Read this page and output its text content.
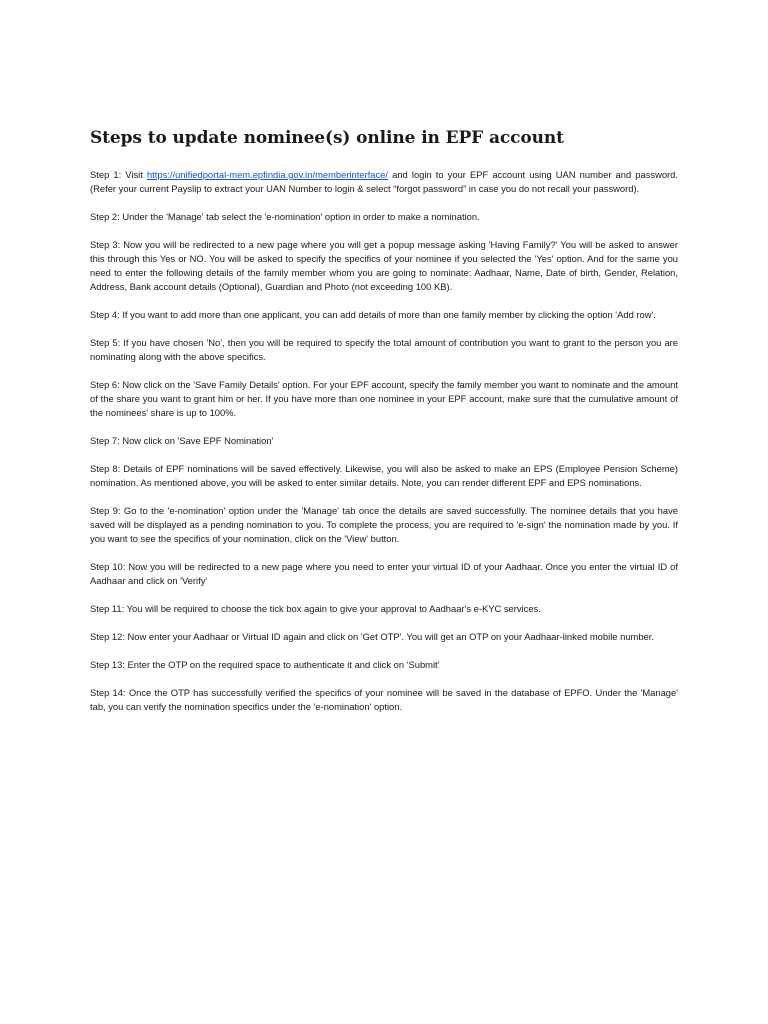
Steps to update nominee(s) online in EPF account

Step 1: Visit https://unifiedportal-mem.epfindia.gov.in/memberinterface/ and login to your EPF account using UAN number and password. (Refer your current Payslip to extract your UAN Number to login & select “forgot password” in case you do not recall your password).

Step 2: Under the 'Manage' tab select the 'e-nomination' option in order to make a nomination.

Step 3: Now you will be redirected to a new page where you will get a popup message asking 'Having Family?' You will be asked to answer this through this Yes or NO. You will be asked to specify the specifics of your nominee if you selected the 'Yes' option. And for the same you need to enter the following details of the family member whom you are going to nominate: Aadhaar, Name, Date of birth, Gender, Relation, Address, Bank account details (Optional), Guardian and Photo (not exceeding 100 KB).

Step 4: If you want to add more than one applicant, you can add details of more than one family member by clicking the option 'Add row'.

Step 5: If you have chosen 'No', then you will be required to specify the total amount of contribution you want to grant to the person you are nominating along with the above specifics.

Step 6: Now click on the 'Save Family Details' option. For your EPF account, specify the family member you want to nominate and the amount of the share you want to grant him or her. If you have more than one nominee in your EPF account, make sure that the cumulative amount of the nominees' share is up to 100%.

Step 7: Now click on 'Save EPF Nomination'

Step 8: Details of EPF nominations will be saved effectively. Likewise, you will also be asked to make an EPS (Employee Pension Scheme) nomination. As mentioned above, you will be asked to enter similar details. Note, you can render different EPF and EPS nominations.

Step 9: Go to the 'e-nomination' option under the 'Manage' tab once the details are saved successfully. The nominee details that you have saved will be displayed as a pending nomination to you. To complete the process, you are required to 'e-sign' the nomination made by you. If you want to see the specifics of your nomination, click on the 'View' button.

Step 10: Now you will be redirected to a new page where you need to enter your virtual ID of your Aadhaar. Once you enter the virtual ID of Aadhaar and click on 'Verify'

Step 11: You will be required to choose the tick box again to give your approval to Aadhaar's e-KYC services.

Step 12: Now enter your Aadhaar or Virtual ID again and click on 'Get OTP'. You will get an OTP on your Aadhaar-linked mobile number.

Step 13: Enter the OTP on the required space to authenticate it and click on 'Submit'

Step 14: Once the OTP has successfully verified the specifics of your nominee will be saved in the database of EPFO. Under the 'Manage' tab, you can verify the nomination specifics under the 'e-nomination' option.
